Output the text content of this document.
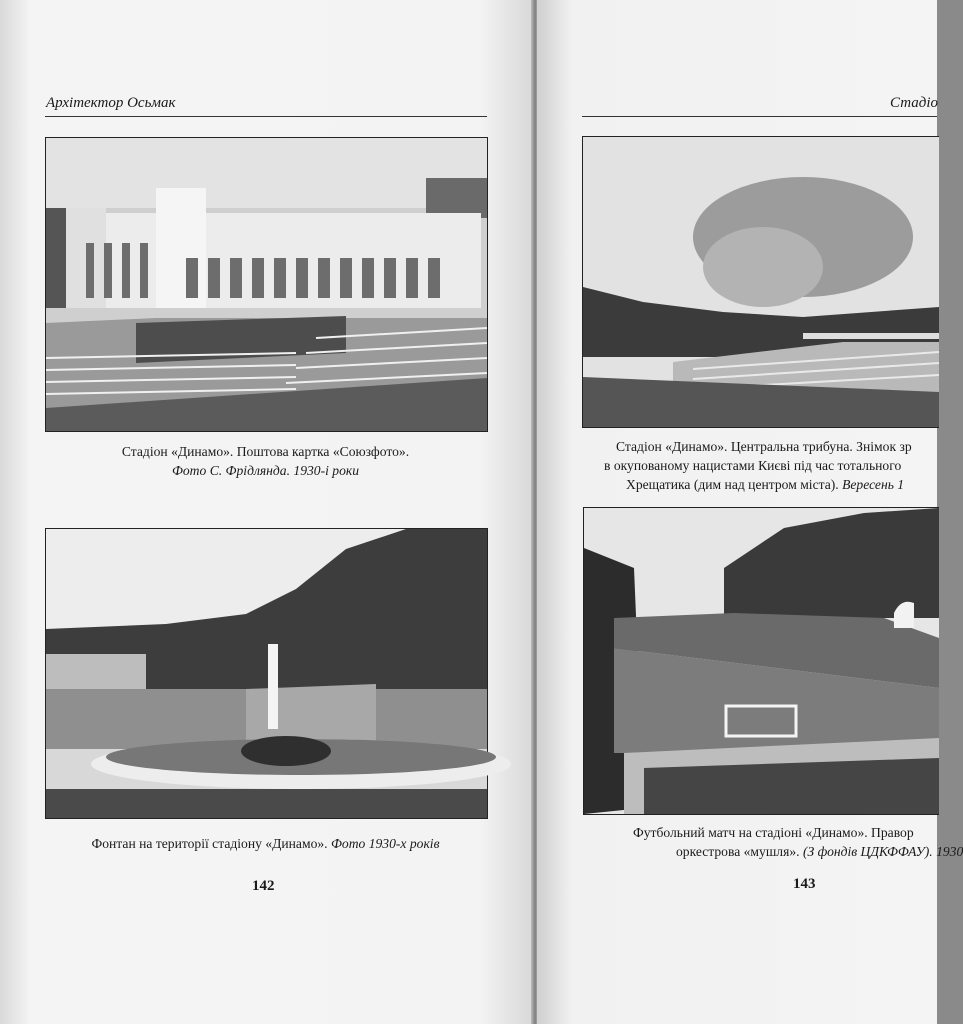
Архітектор Осьмак
Стадіон «Динамо». Поштова картка «Союзфото».
Фото С. Фрідлянда. 1930-і роки
Фонтан на території стадіону «Динамо». Фото 1930-х років
142
Стадіо
Стадіон «Динамо». Центральна трибуна. Знімок зр
в окупованому нацистами Києві під час тотального
Хрещатика (дим над центром міста). Вересень 1
Футбольний матч на стадіоні «Динамо». Правор
оркестрова «мушля». (З фондів ЦДКФФАУ). 1930
143
